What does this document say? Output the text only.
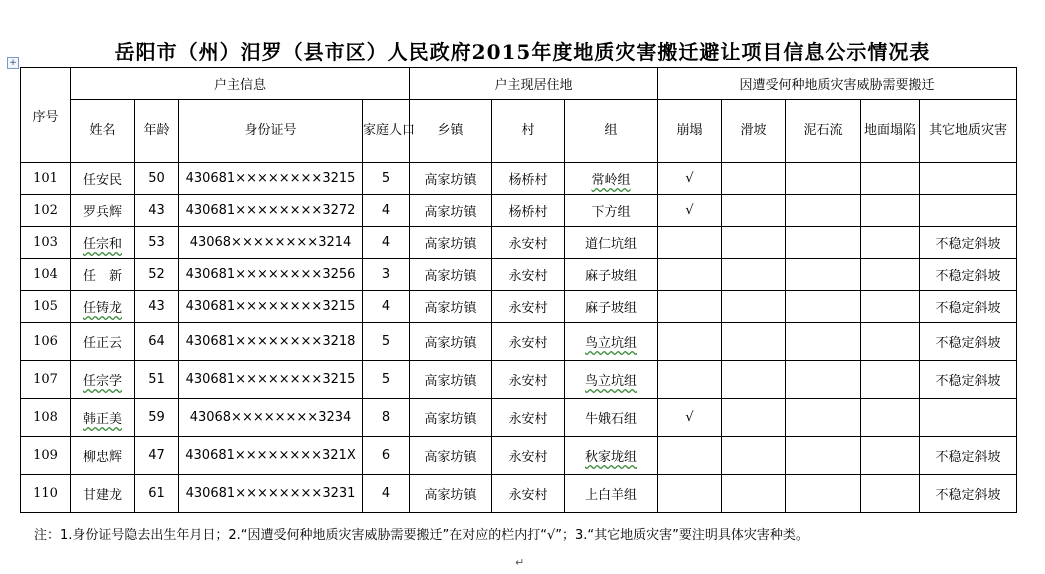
岳阳市（州）汨罗（县市区）人民政府2015年度地质灾害搬迁避让项目信息公示情况表
+
序号	户主信息				户主现居住地			因遭受何种地质灾害威胁需要搬迁				
	姓名	年龄	身份证号	家庭人口	乡镇	村	组	崩塌	滑坡	泥石流	地面塌陷	其它地质灾害
101	任安民	50	430681××××××××3215	5	高家坊镇	杨桥村	常岭组	√				
102	罗兵辉	43	430681××××××××3272	4	高家坊镇	杨桥村	下方组	√				
103	任宗和	53	43068××××××××3214	4	高家坊镇	永安村	道仁坑组					不稳定斜坡
104	任　新	52	430681××××××××3256	3	高家坊镇	永安村	麻子坡组					不稳定斜坡
105	任铸龙	43	430681××××××××3215	4	高家坊镇	永安村	麻子坡组					不稳定斜坡
106	任正云	64	430681××××××××3218	5	高家坊镇	永安村	鸟立坑组					不稳定斜坡
107	任宗学	51	430681××××××××3215	5	高家坊镇	永安村	鸟立坑组					不稳定斜坡
108	韩正美	59	43068××××××××3234	8	高家坊镇	永安村	牛娥石组	√				
109	柳忠辉	47	430681××××××××321X	6	高家坊镇	永安村	秋家垅组					不稳定斜坡
110	甘建龙	61	430681××××××××3231	4	高家坊镇	永安村	上白羊组					不稳定斜坡
注：1.身份证号隐去出生年月日；2.“因遭受何种地质灾害威胁需要搬迁”在对应的栏内打“√”；3.“其它地质灾害”要注明具体灾害种类。
↵
